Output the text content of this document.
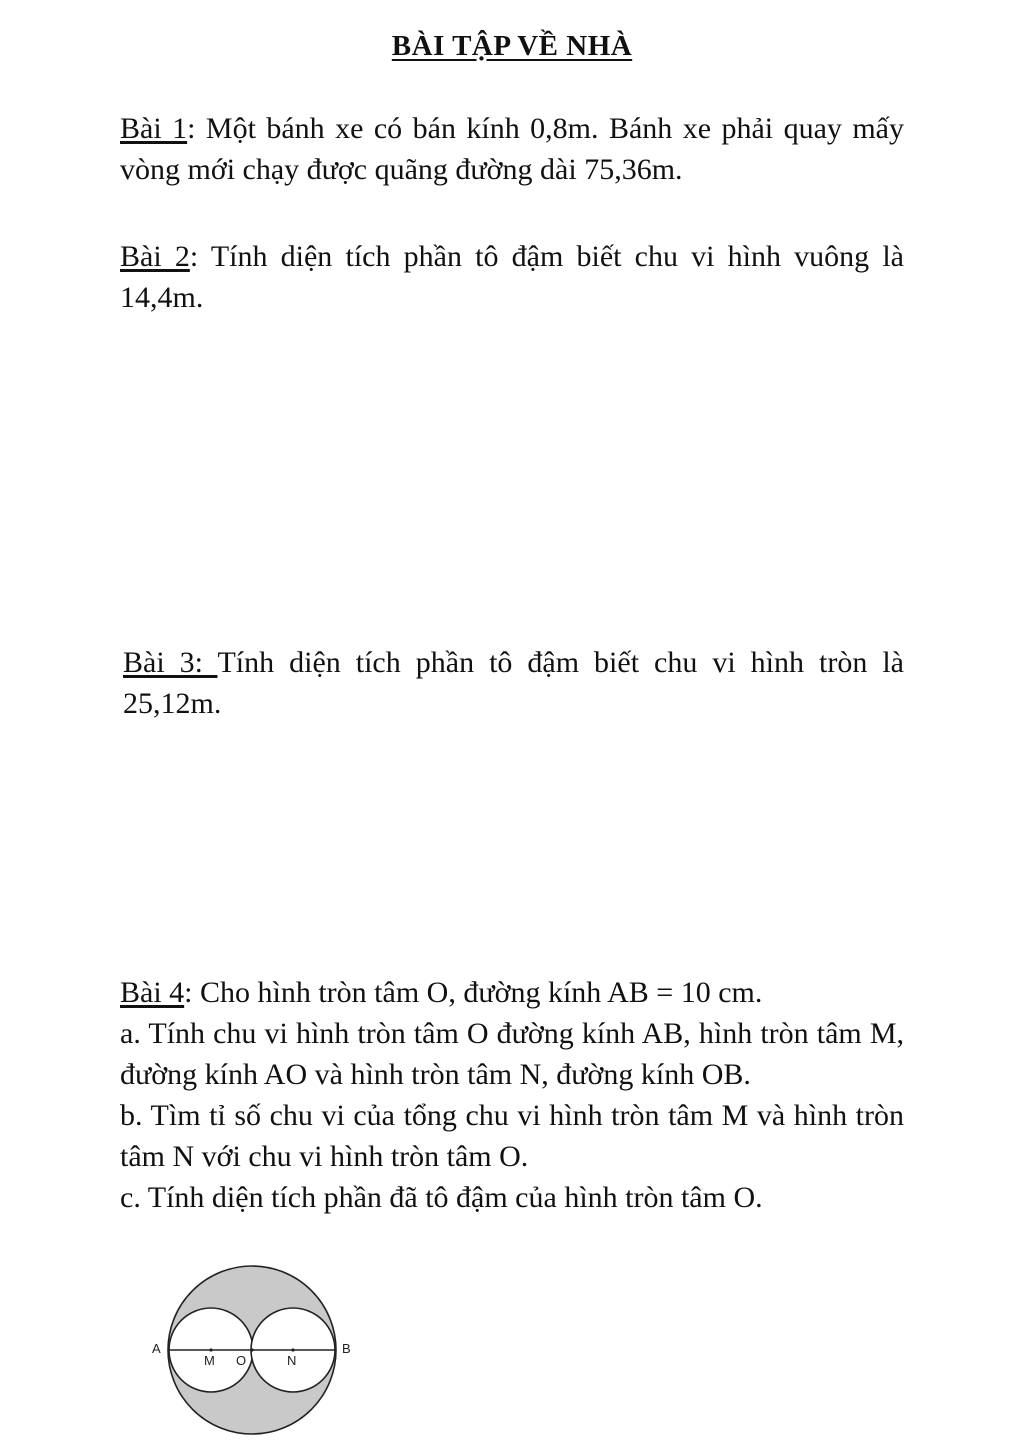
BÀI TẬP VỀ NHÀ
Bài 1: Một bánh xe có bán kính 0,8m. Bánh xe phải quay mấy vòng mới chạy được quãng đường dài 75,36m.
Bài 2: Tính diện tích phần tô đậm biết chu vi hình vuông là 14,4m.
Bài 3: Tính diện tích phần tô đậm biết chu vi hình tròn là 25,12m.
Bài 4: Cho hình tròn tâm O, đường kính AB = 10 cm.
a. Tính chu vi hình tròn tâm O đường kính AB, hình tròn tâm M, đường kính AO và hình tròn tâm N, đường kính OB.
b. Tìm tỉ số chu vi của tổng chu vi hình tròn tâm M và hình tròn tâm N với chu vi hình tròn tâm O.
c. Tính diện tích phần đã tô đậm của hình tròn tâm O.
A
M O	N
B
